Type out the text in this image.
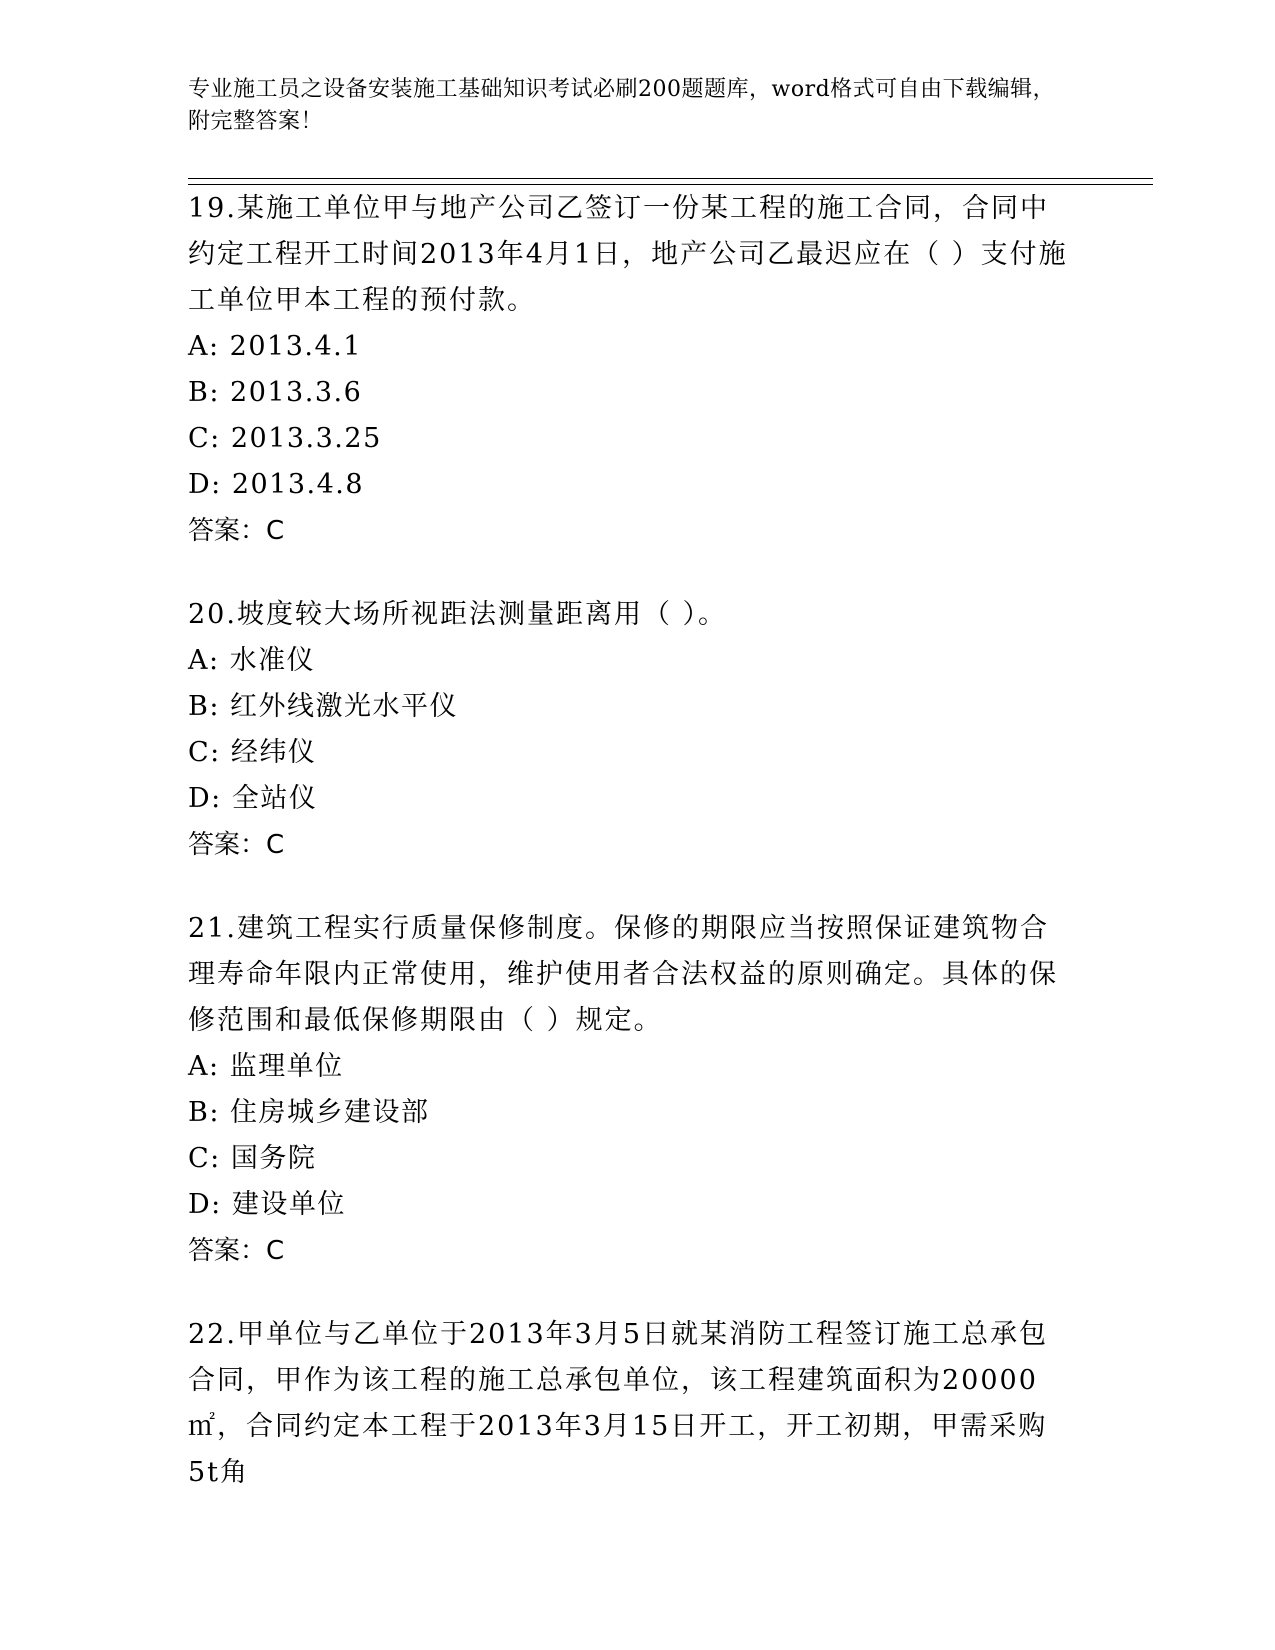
专业施工员之设备安装施工基础知识考试必刷200题题库，word格式可自由下载编辑，附完整答案！

19.某施工单位甲与地产公司乙签订一份某工程的施工合同，合同中约定工程开工时间2013年4月1日，地产公司乙最迟应在（ ）支付施工单位甲本工程的预付款。

A: 2013.4.1

B: 2013.3.6

C: 2013.3.25

D: 2013.4.8

答案：C

20.坡度较大场所视距法测量距离用（ ）。

A: 水准仪

B: 红外线激光水平仪

C: 经纬仪

D: 全站仪

答案：C

21.建筑工程实行质量保修制度。保修的期限应当按照保证建筑物合理寿命年限内正常使用，维护使用者合法权益的原则确定。具体的保修范围和最低保修期限由（ ）规定。

A: 监理单位

B: 住房城乡建设部

C: 国务院

D: 建设单位

答案：C

22.甲单位与乙单位于2013年3月5日就某消防工程签订施工总承包合同，甲作为该工程的施工总承包单位，该工程建筑面积为20000㎡，合同约定本工程于2013年3月15日开工，开工初期，甲需采购5t角
